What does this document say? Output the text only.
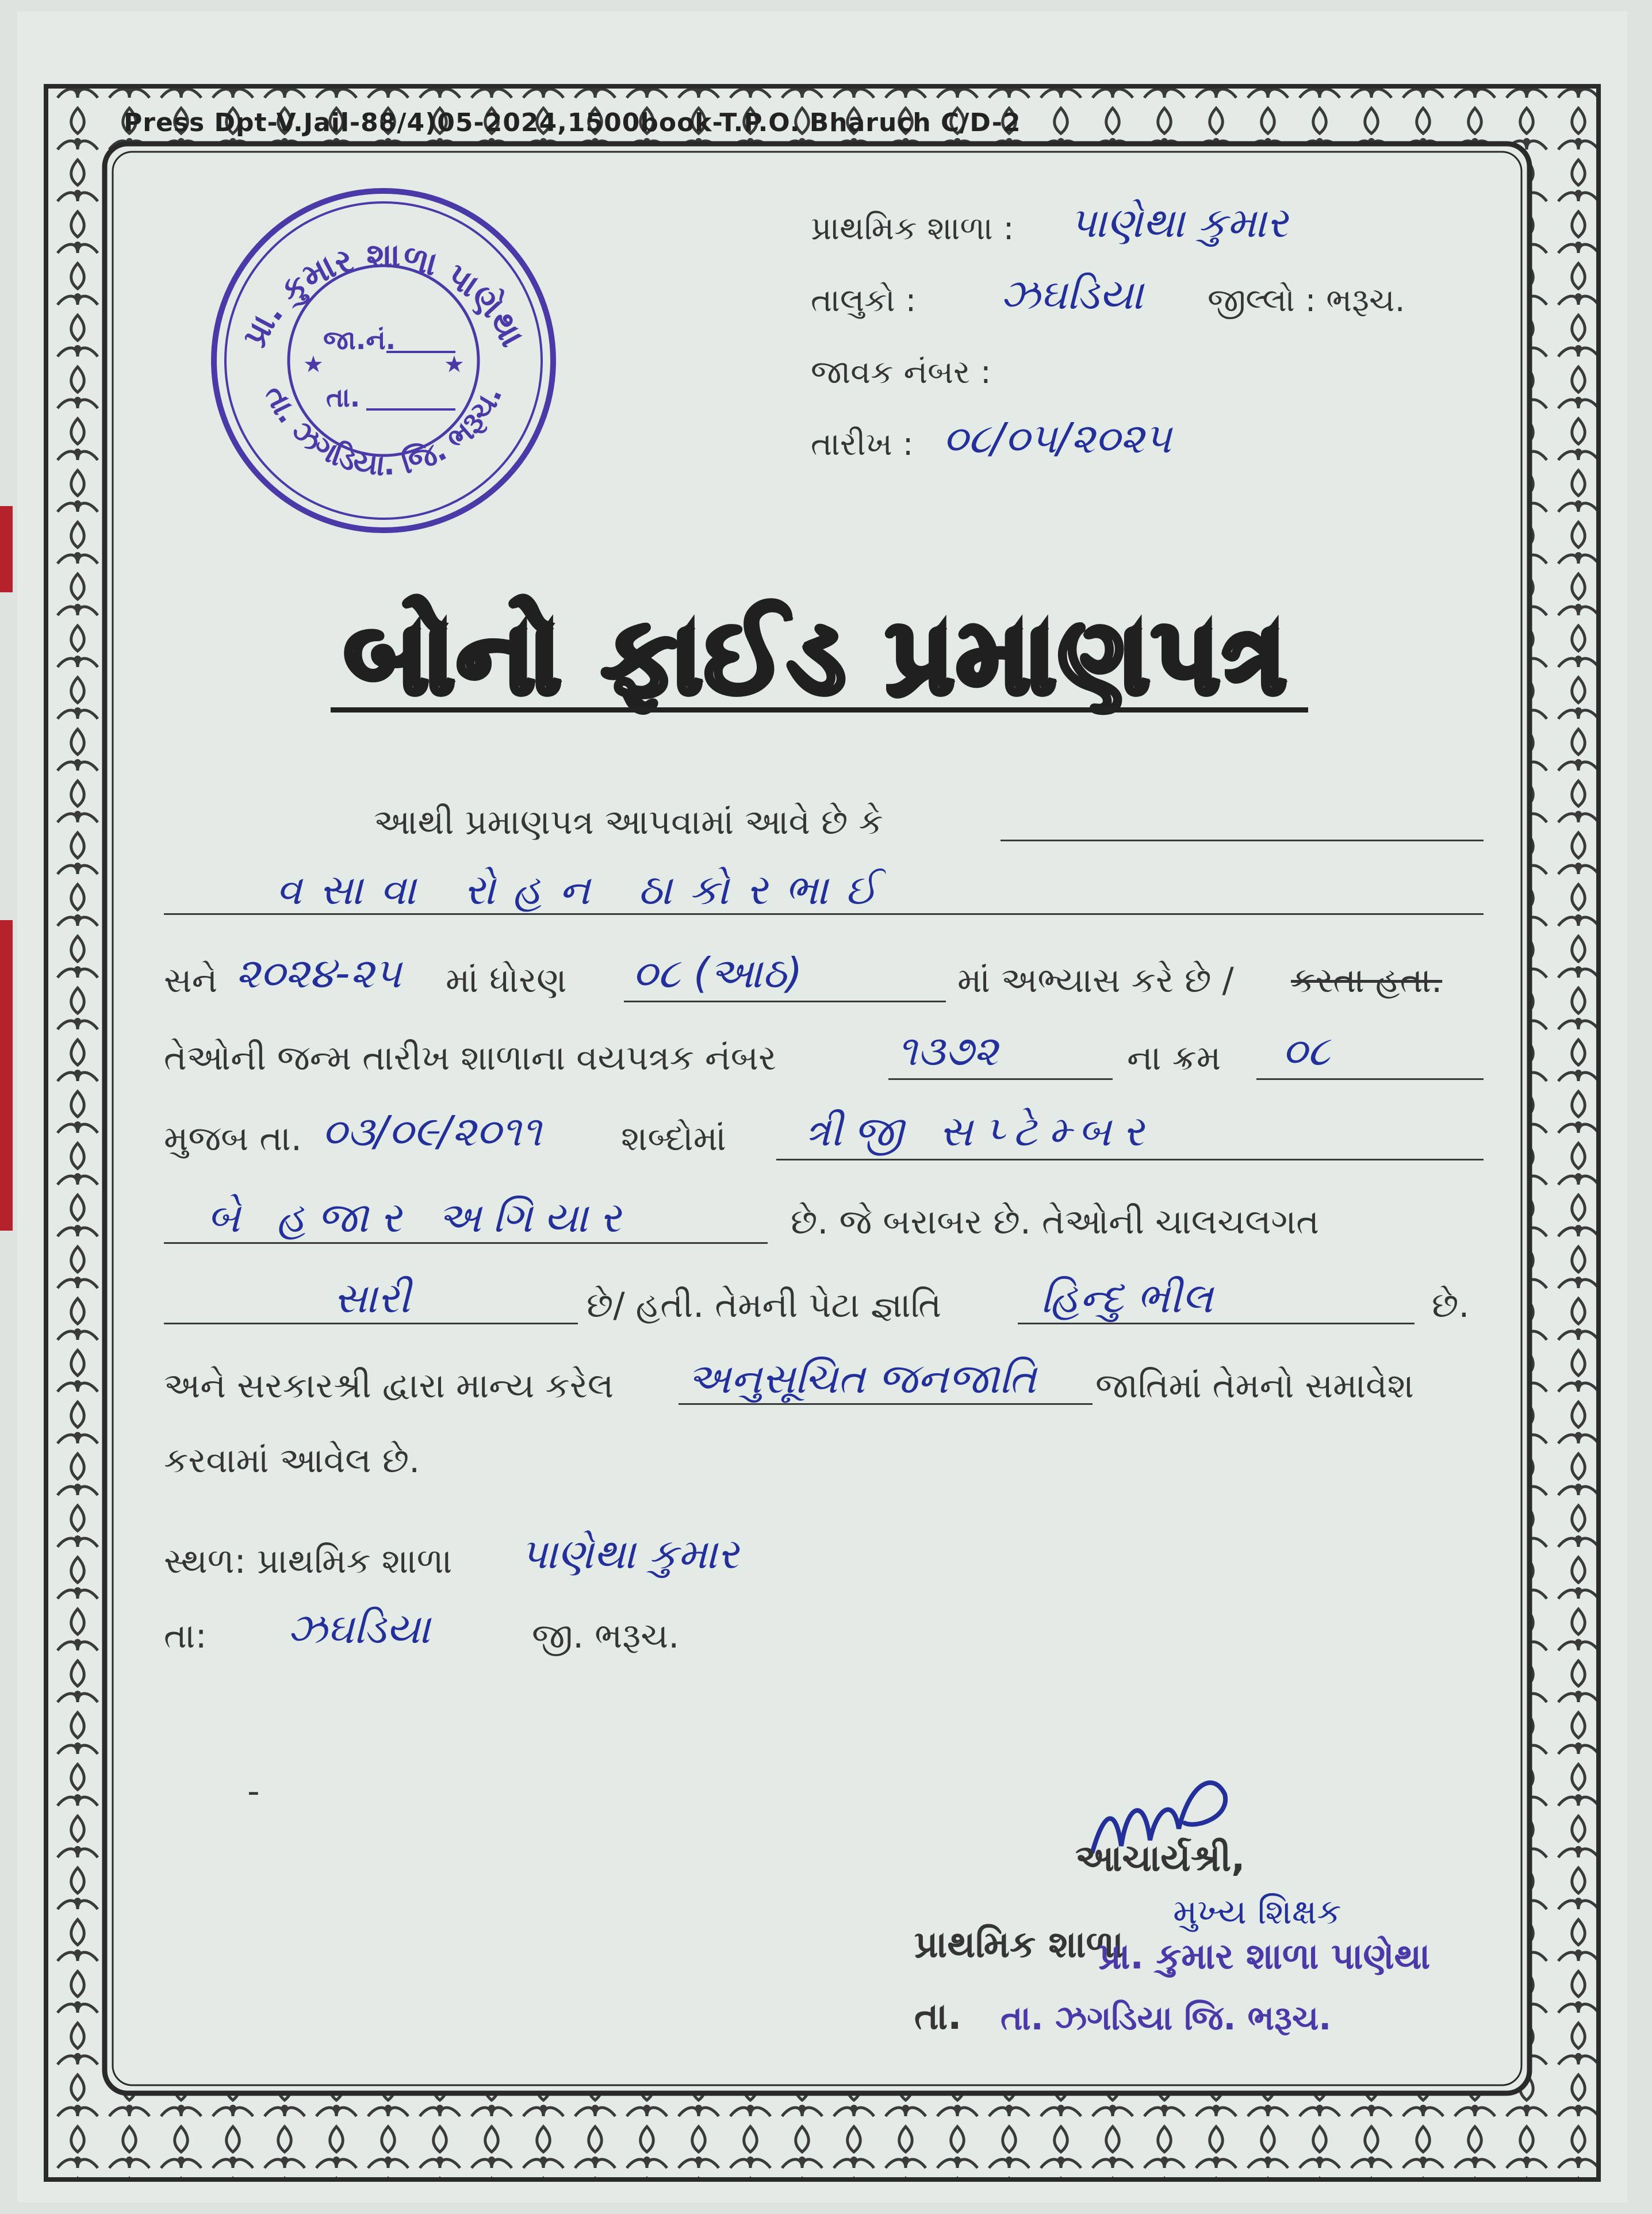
Press Dpt-V.Jail-88/4)05-2024,1500book-T.P.O. Bharuch C/D-2
પ્રા. કુમાર શાળા પાણેથા
તા. ઝગડિયા. જિ. ભરૂચ.
★	★
જા.નં.
તા.
પ્રાથમિક શાળા : પાણેથા કુમાર
તાલુકો : ઝઘડિયા જીલ્લો : ભરૂચ.
જાવક નંબર :
તારીખ : ૦૮/૦૫/૨૦૨૫
બોનો ફાઈડ પ્રમાણપત્ર
આથી પ્રમાણપત્ર આપવામાં આવે છે કે
વસાવા રોહન ઠાકોરભાઈ
સને ૨૦૨૪-૨૫ માં ધોરણ ૦૮ (આઠ)	માં અભ્યાસ કરે છે / કરતા હતા.
તેઓની જન્મ તારીખ શાળાના વયપત્રક નંબર	૧૩૭૨	ના ક્રમ ૦૮
મુજબ તા. ૦૩/૦૯/૨૦૧૧ શબ્દોમાં ત્રીજી સપ્ટેમ્બર
બે હજાર અગિયાર	છે. જે બરાબર છે. તેઓની ચાલચલગત
સારી	છે/ હતી. તેમની પેટા જ્ઞાતિ હિન્દુ ભીલ	છે.
અને સરકારશ્રી દ્વારા માન્ય કરેલ અનુસૂચિત જનજાતિ જાતિમાં તેમનો સમાવેશ
કરવામાં આવેલ છે.
સ્થળ: પ્રાથમિક શાળા પાણેથા કુમાર
તા: ઝઘડિયા	જી. ભરૂચ.
આચાર્યશ્રી,
મુખ્ય શિક્ષક
પ્રાથમિક શાળા
પ્રા. કુમાર શાળા પાણેથા
તા. તા. ઝગડિયા જિ. ભરૂચ.
-
